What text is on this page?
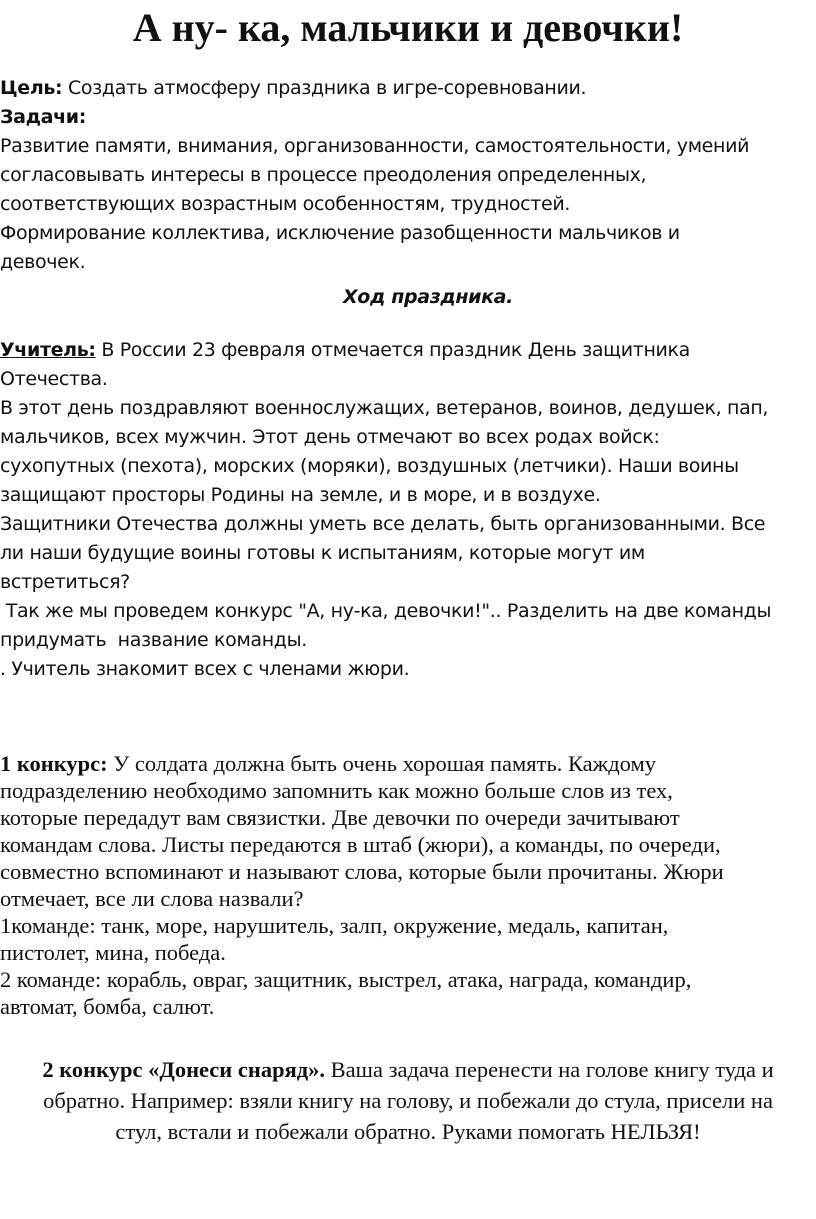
А ну- ка, мальчики и девочки!

Цель: Создать атмосферу праздника в игре-соревновании.

Задачи:

Развитие памяти, внимания, организованности, самостоятельности, умений

согласовывать интересы в процессе преодоления определенных,

соответствующих возрастным особенностям, трудностей.

Формирование коллектива, исключение разобщенности мальчиков и

девочек.

Ход праздника.

Учитель: В России 23 февраля отмечается праздник День защитника

Отечества.

В этот день поздравляют военнослужащих, ветеранов, воинов, дедушек, пап,

мальчиков, всех мужчин. Этот день отмечают во всех родах войск:

сухопутных (пехота), морских (моряки), воздушных (летчики). Наши воины

защищают просторы Родины на земле, и в море, и в воздухе.

Защитники Отечества должны уметь все делать, быть организованными. Все

ли наши будущие воины готовы к испытаниям, которые могут им

встретиться?

Так же мы проведем конкурс "А, ну-ка, девочки!".. Разделить на две команды

придумать  название команды.

. Учитель знакомит всех с членами жюри.

1 конкурс: У солдата должна быть очень хорошая память. Каждому

подразделению необходимо запомнить как можно больше слов из тех,

которые передадут вам связистки. Две девочки по очереди зачитывают

командам слова. Листы передаются в штаб (жюри), а команды, по очереди,

совместно вспоминают и называют слова, которые были прочитаны. Жюри

отмечает, все ли слова назвали?

1команде: танк, море, нарушитель, залп, окружение, медаль, капитан,

пистолет, мина, победа.

2 команде: корабль, овраг, защитник, выстрел, атака, награда, командир,

автомат, бомба, салют.

2 конкурс «Донеси снаряд». Ваша задача перенести на голове книгу туда и

обратно. Например: взяли книгу на голову, и побежали до стула, присели на

стул, встали и побежали обратно. Руками помогать НЕЛЬЗЯ!
